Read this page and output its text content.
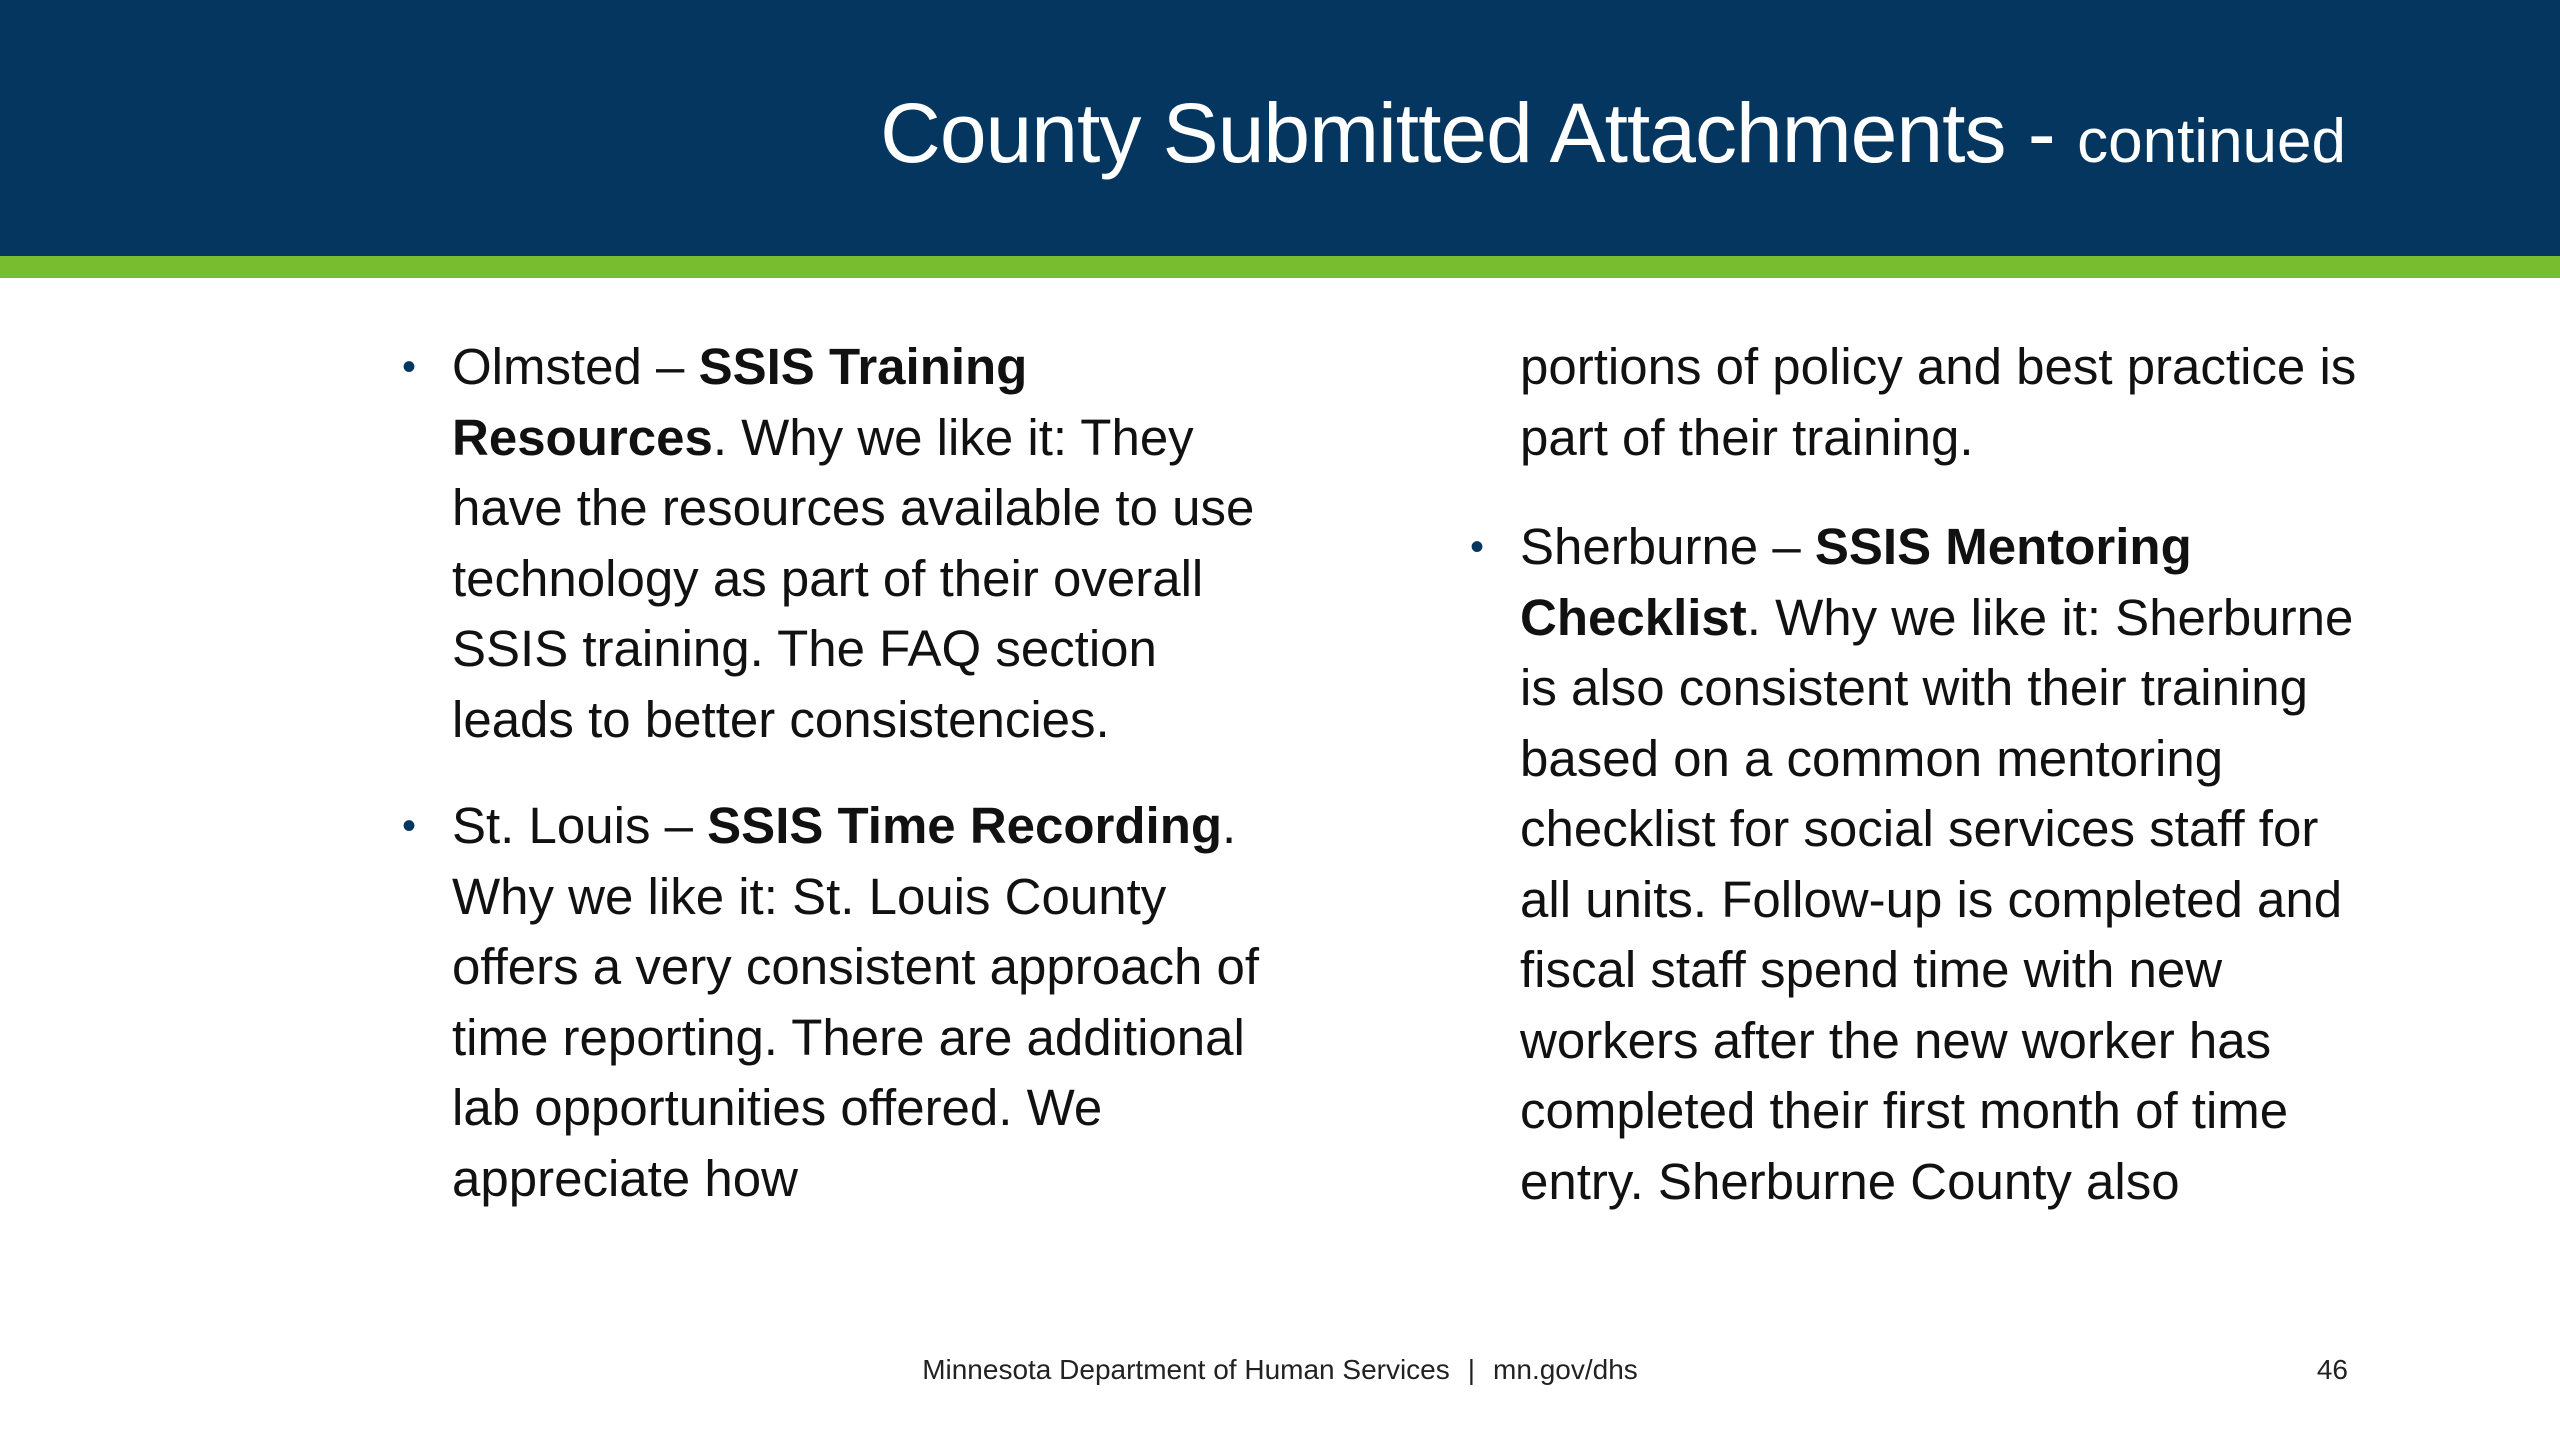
County Submitted Attachments - continued
• Olmsted – SSIS Training Resources. Why we like it: They have the resources available to use technology as part of their overall SSIS training. The FAQ section leads to better consistencies.
• St. Louis – SSIS Time Recording. Why we like it: St. Louis County offers a very consistent approach of time reporting. There are additional lab opportunities offered. We appreciate how

portions of policy and best practice is part of their training.

• Sherburne – SSIS Mentoring Checklist. Why we like it: Sherburne is also consistent with their training based on a common mentoring checklist for social services staff for all units. Follow-up is completed and fiscal staff spend time with new workers after the new worker has completed their first month of time entry. Sherburne County also
Minnesota Department of Human Services | mn.gov/dhs	46
